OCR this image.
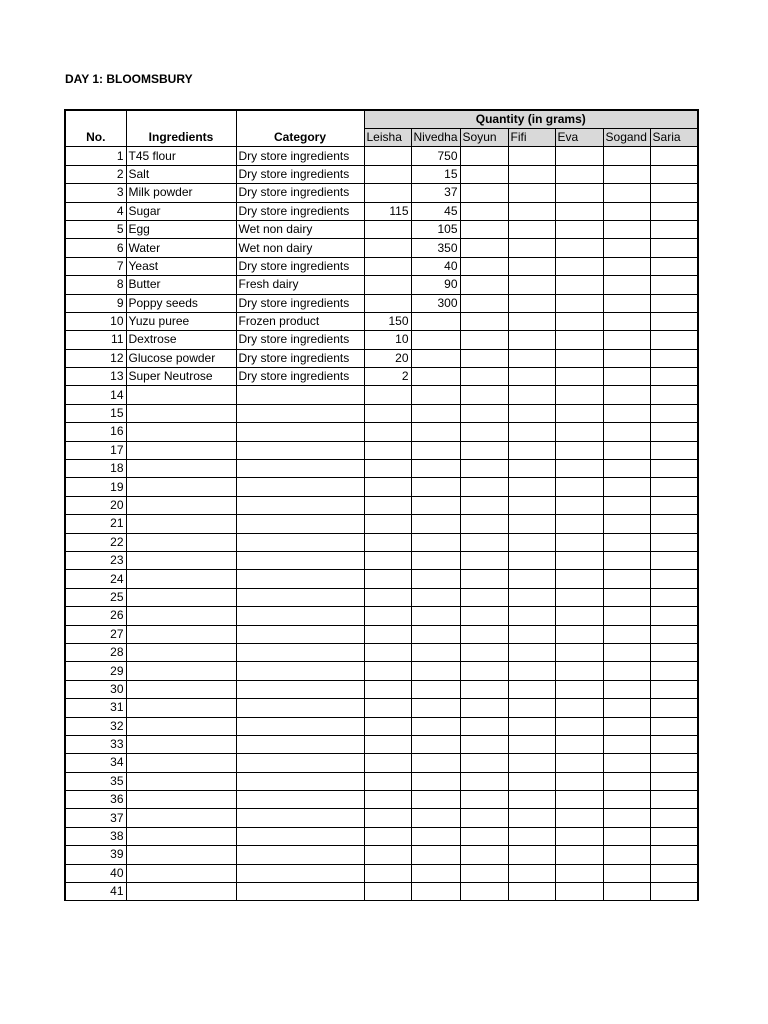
DAY 1: BLOOMSBURY
			Quantity (in grams)						
No.	Ingredients	Category	Leisha	Nivedha	Soyun	Fifi	Eva	Sogand	Saria
1	T45 flour	Dry store ingredients		750					
2	Salt	Dry store ingredients		15					
3	Milk powder	Dry store ingredients		37					
4	Sugar	Dry store ingredients	115	45					
5	Egg	Wet non dairy		105					
6	Water	Wet non dairy		350					
7	Yeast	Dry store ingredients		40					
8	Butter	Fresh dairy		90					
9	Poppy seeds	Dry store ingredients		300					
10	Yuzu puree	Frozen product	150						
11	Dextrose	Dry store ingredients	10						
12	Glucose powder	Dry store ingredients	20						
13	Super Neutrose	Dry store ingredients	2						
14									
15									
16									
17									
18									
19									
20									
21									
22									
23									
24									
25									
26									
27									
28									
29									
30									
31									
32									
33									
34									
35									
36									
37									
38									
39									
40									
41									
